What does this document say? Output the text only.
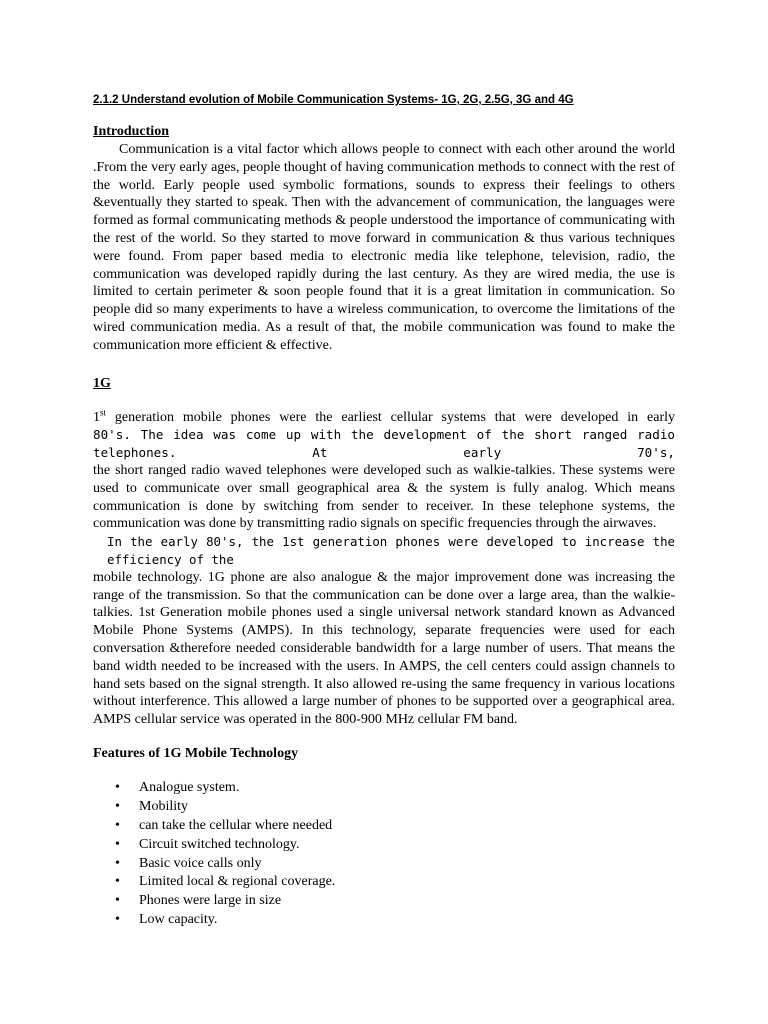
2.1.2 Understand evolution of Mobile Communication Systems- 1G, 2G, 2.5G, 3G and 4G

Introduction

Communication is a vital factor which allows people to connect with each other around the world .From the very early ages, people thought of having communication methods to connect with the rest of the world. Early people used symbolic formations, sounds to express their feelings to others &eventually they started to speak. Then with the advancement of communication, the languages were formed as formal communicating methods & people understood the importance of communicating with the rest of the world. So they started to move forward in communication & thus various techniques were found. From paper based media to electronic media like telephone, television, radio, the communication was developed rapidly during the last century. As they are wired media, the use is limited to certain perimeter & soon people found that it is a great limitation in communication. So people did so many experiments to have a wireless communication, to overcome the limitations of the wired communication media. As a result of that, the mobile communication was found to make the communication more efficient & effective.

1G

1st generation mobile phones were the earliest cellular systems that were developed in early

80's. The idea was come up with the development of the short ranged radio telephones. At early 70's,

the short ranged radio waved telephones were developed such as walkie-talkies. These systems were used to communicate over small geographical area & the system is fully analog. Which means communication is done by switching from sender to receiver. In these telephone systems, the communication was done by transmitting radio signals on specific frequencies through the airwaves.

In the early 80's, the 1st generation phones were developed to increase the efficiency of the

mobile technology. 1G phone are also analogue & the major improvement done was increasing the range of the transmission. So that the communication can be done over a large area, than the walkie-talkies. 1st Generation mobile phones used a single universal network standard known as Advanced Mobile Phone Systems (AMPS). In this technology, separate frequencies were used for each conversation &therefore needed considerable bandwidth for a large number of users. That means the band width needed to be increased with the users. In AMPS, the cell centers could assign channels to hand sets based on the signal strength. It also allowed re-using the same frequency in various locations without interference. This allowed a large number of phones to be supported over a geographical area. AMPS cellular service was operated in the 800-900 MHz cellular FM band.

Features of 1G Mobile Technology

• Analogue system.
• Mobility
• can take the cellular where needed
• Circuit switched technology.
• Basic voice calls only
• Limited local & regional coverage.
• Phones were large in size
• Low capacity.
